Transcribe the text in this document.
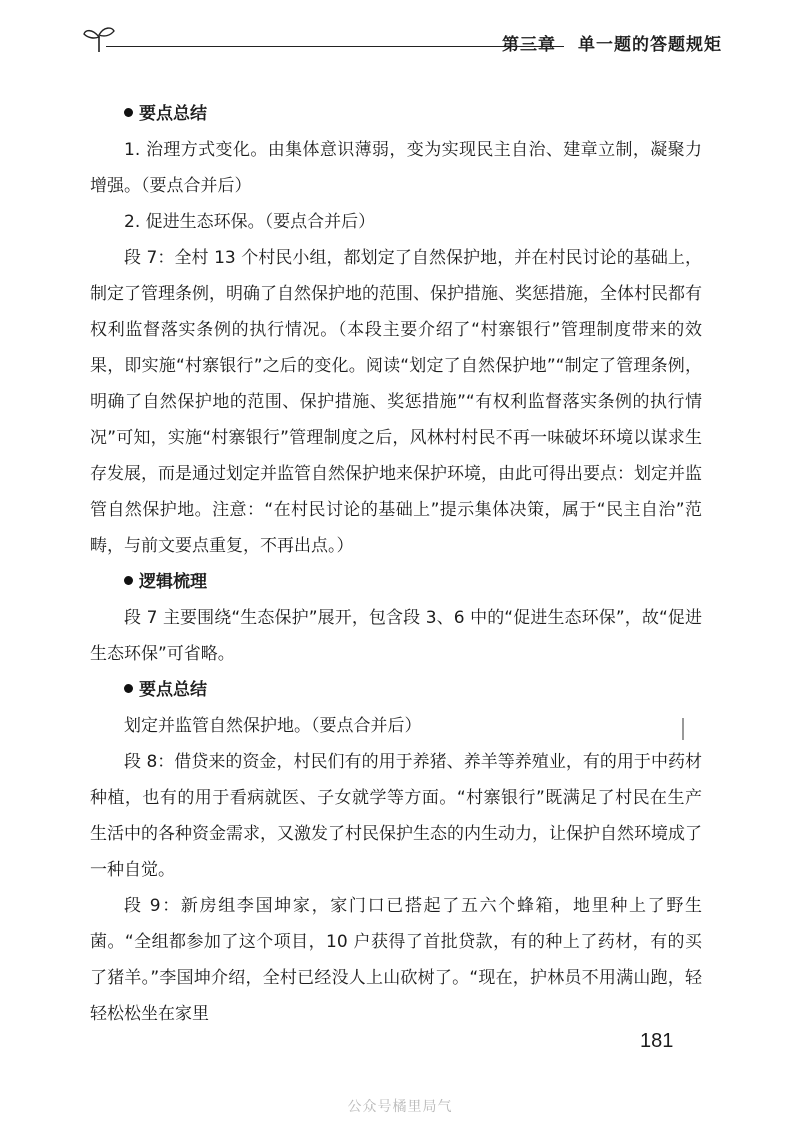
第三章 单一题的答题规矩

要点总结

1. 治理方式变化。由集体意识薄弱，变为实现民主自治、建章立制，凝聚力增强。（要点合并后）

2. 促进生态环保。（要点合并后）

段 7：全村 13 个村民小组，都划定了自然保护地，并在村民讨论的基础上，制定了管理条例，明确了自然保护地的范围、保护措施、奖惩措施，全体村民都有权利监督落实条例的执行情况。（本段主要介绍了“村寨银行”管理制度带来的效果，即实施“村寨银行”之后的变化。阅读“划定了自然保护地”“制定了管理条例，明确了自然保护地的范围、保护措施、奖惩措施”“有权利监督落实条例的执行情况”可知，实施“村寨银行”管理制度之后，风林村村民不再一味破坏环境以谋求生存发展，而是通过划定并监管自然保护地来保护环境，由此可得出要点：划定并监管自然保护地。注意：“在村民讨论的基础上”提示集体决策，属于“民主自治”范畴，与前文要点重复，不再出点。）

逻辑梳理

段 7 主要围绕“生态保护”展开，包含段 3、6 中的“促进生态环保”，故“促进生态环保”可省略。

要点总结

划定并监管自然保护地。（要点合并后）

段 8：借贷来的资金，村民们有的用于养猪、养羊等养殖业，有的用于中药材种植，也有的用于看病就医、子女就学等方面。“村寨银行”既满足了村民在生产生活中的各种资金需求，又激发了村民保护生态的内生动力，让保护自然环境成了一种自觉。

段 9：新房组李国坤家，家门口已搭起了五六个蜂箱，地里种上了野生菌。“全组都参加了这个项目，10 户获得了首批贷款，有的种上了药材，有的买了猪羊。”李国坤介绍，全村已经没人上山砍树了。“现在，护林员不用满山跑，轻轻松松坐在家里

181
公众号橘里局气
